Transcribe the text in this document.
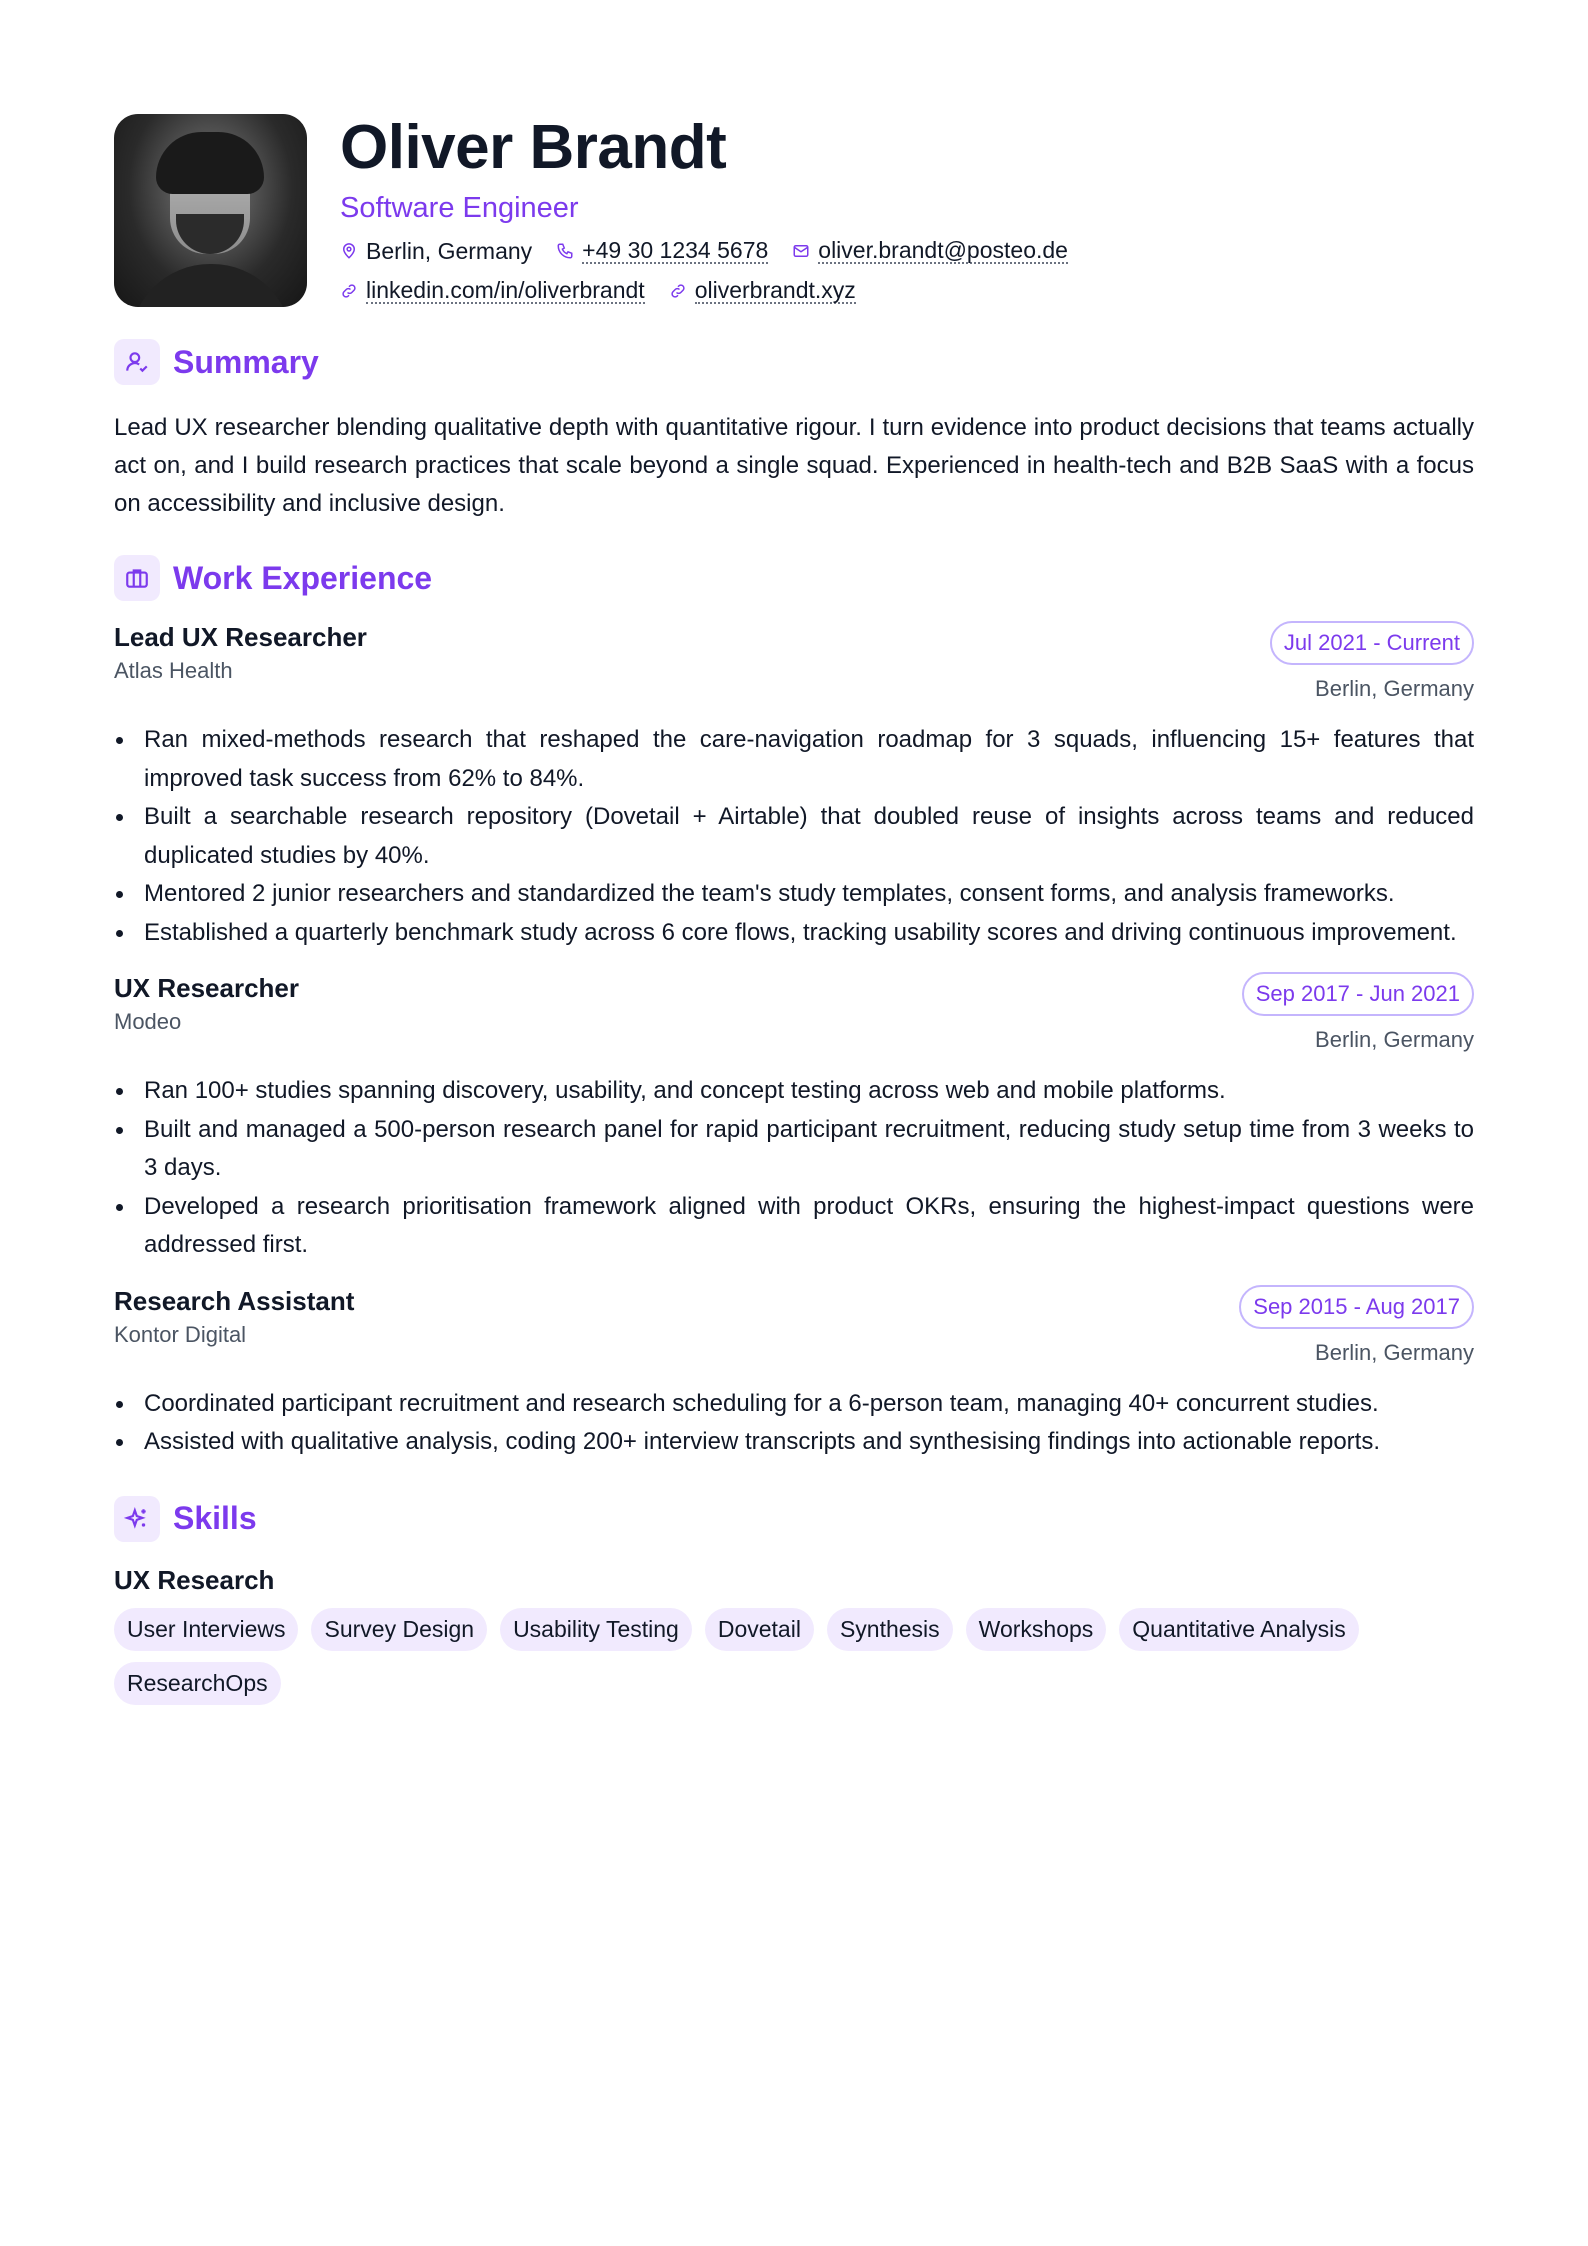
Oliver Brandt
Software Engineer
Berlin, Germany +49 30 1234 5678 oliver.brandt@posteo.de
linkedin.com/in/oliverbrandt oliverbrandt.xyz
Summary
Lead UX researcher blending qualitative depth with quantitative rigour. I turn evidence into product decisions that teams actually act on, and I build research practices that scale beyond a single squad. Experienced in health-tech and B2B SaaS with a focus on accessibility and inclusive design.
Work Experience
Lead UX Researcher
Atlas Health
Jul 2021 - Current
Berlin, Germany
Ran mixed-methods research that reshaped the care-navigation roadmap for 3 squads, influencing 15+ features that improved task success from 62% to 84%.
Built a searchable research repository (Dovetail + Airtable) that doubled reuse of insights across teams and reduced duplicated studies by 40%.
Mentored 2 junior researchers and standardized the team's study templates, consent forms, and analysis frameworks.
Established a quarterly benchmark study across 6 core flows, tracking usability scores and driving continuous improvement.
UX Researcher
Modeo
Sep 2017 - Jun 2021
Berlin, Germany
Ran 100+ studies spanning discovery, usability, and concept testing across web and mobile platforms.
Built and managed a 500-person research panel for rapid participant recruitment, reducing study setup time from 3 weeks to 3 days.
Developed a research prioritisation framework aligned with product OKRs, ensuring the highest-impact questions were addressed first.
Research Assistant
Kontor Digital
Sep 2015 - Aug 2017
Berlin, Germany
Coordinated participant recruitment and research scheduling for a 6-person team, managing 40+ concurrent studies.
Assisted with qualitative analysis, coding 200+ interview transcripts and synthesising findings into actionable reports.
Skills
UX Research
User Interviews	Survey Design	Usability Testing	Dovetail	Synthesis	Workshops	Quantitative Analysis
ResearchOps
